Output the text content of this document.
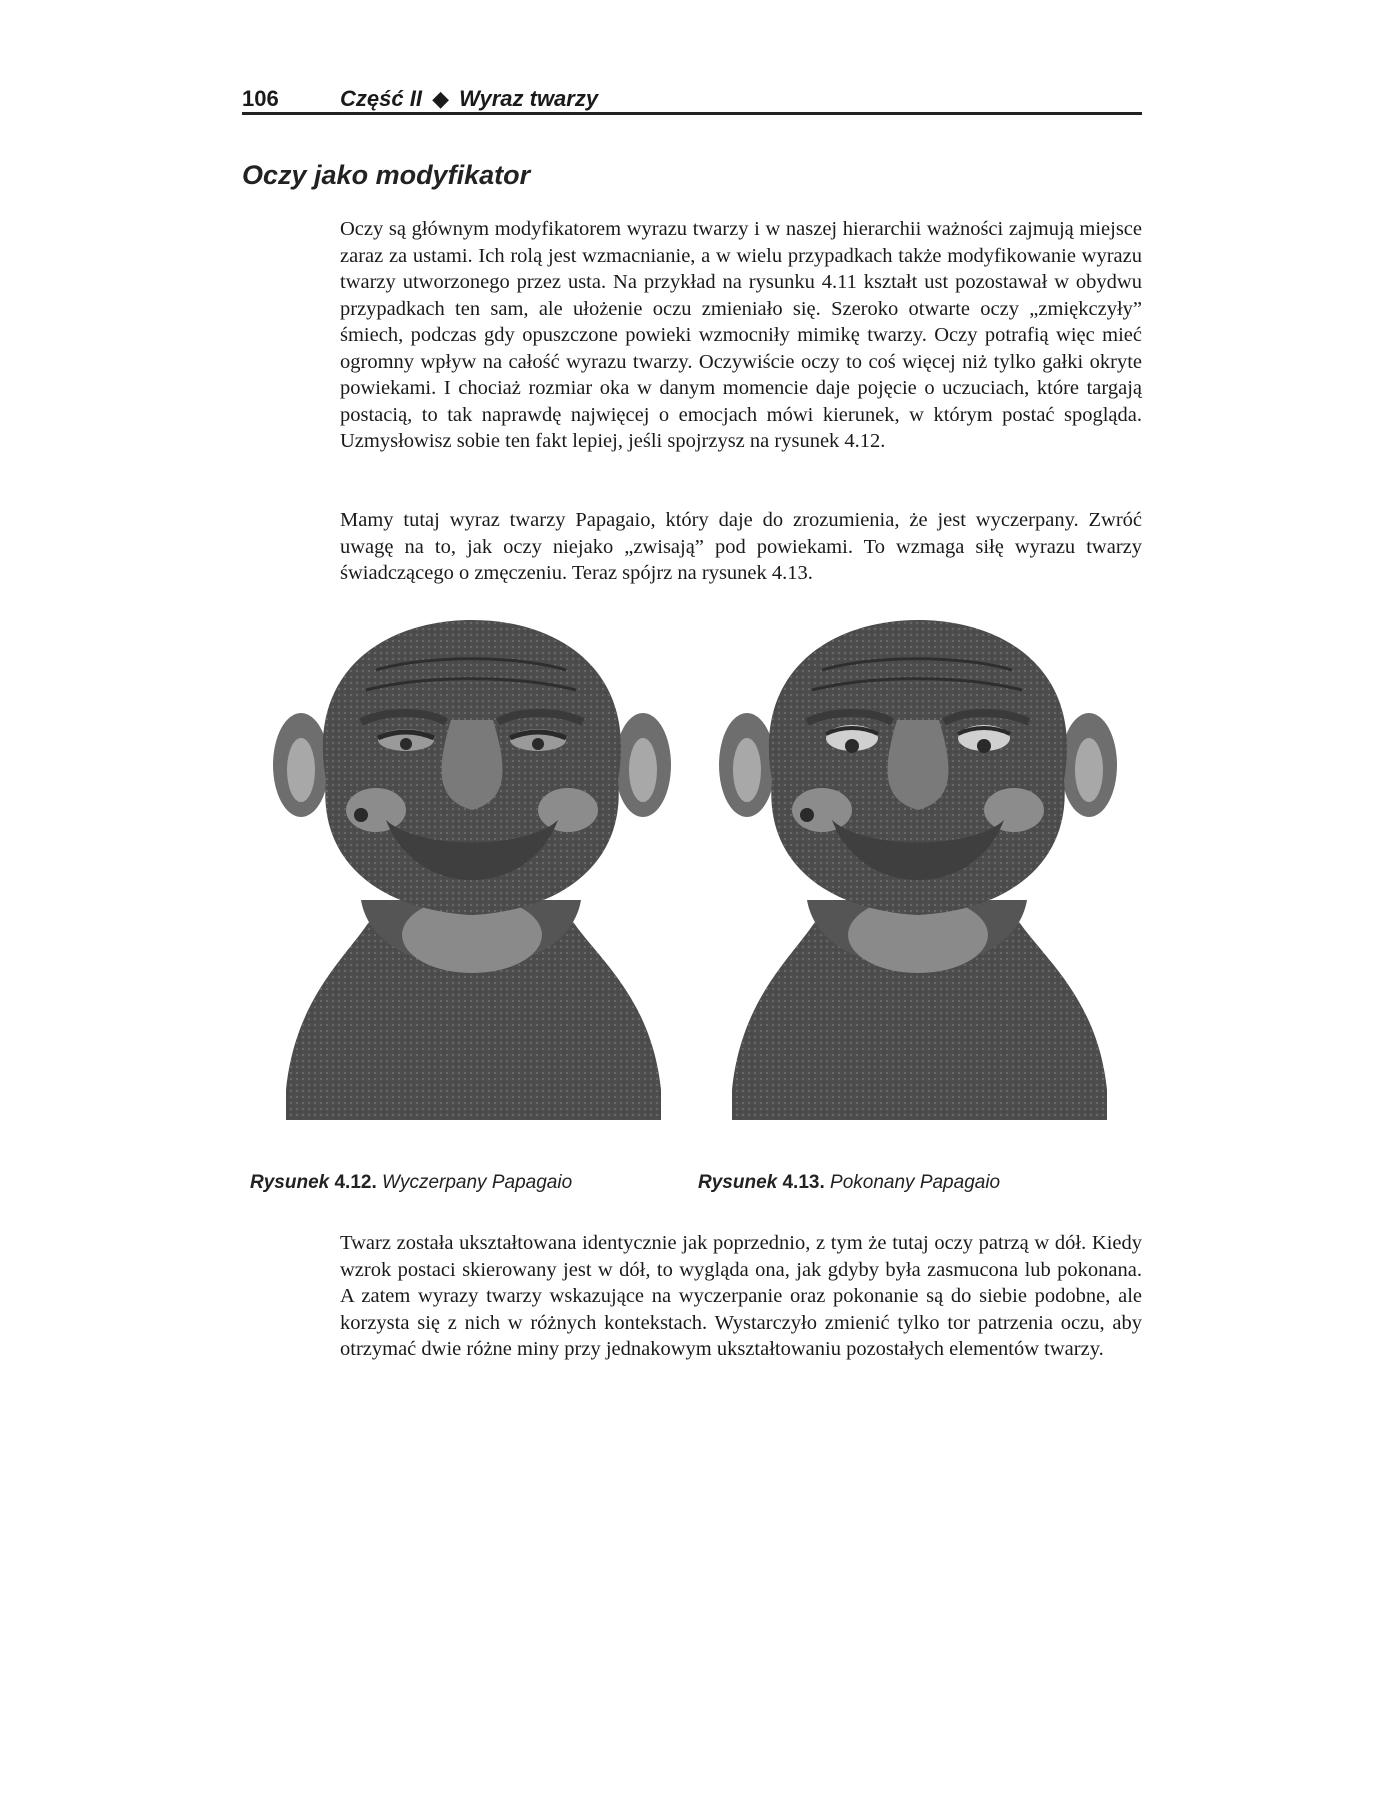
106	Część II ◆ Wyraz twarzy
Oczy jako modyfikator

Oczy są głównym modyfikatorem wyrazu twarzy i w naszej hierarchii ważności zajmują miejsce zaraz za ustami. Ich rolą jest wzmacnianie, a w wielu przypadkach także modyfikowanie wyrazu twarzy utworzonego przez usta. Na przykład na rysunku 4.11 kształt ust pozostawał w obydwu przypadkach ten sam, ale ułożenie oczu zmieniało się. Szeroko otwarte oczy „zmiękczyły” śmiech, podczas gdy opuszczone powieki wzmocniły mimikę twarzy. Oczy potrafią więc mieć ogromny wpływ na całość wyrazu twarzy. Oczywiście oczy to coś więcej niż tylko gałki okryte powiekami. I chociaż rozmiar oka w danym momencie daje pojęcie o uczuciach, które targają postacią, to tak naprawdę najwięcej o emocjach mówi kierunek, w którym postać spogląda. Uzmysłowisz sobie ten fakt lepiej, jeśli spojrzysz na rysunek 4.12.

Mamy tutaj wyraz twarzy Papagaio, który daje do zrozumienia, że jest wyczerpany. Zwróć uwagę na to, jak oczy niejako „zwisają” pod powiekami. To wzmaga siłę wyrazu twarzy świadczącego o zmęczeniu. Teraz spójrz na rysunek 4.13.

Rysunek 4.12. Wyczerpany Papagaio	Rysunek 4.13. Pokonany Papagaio

Twarz została ukształtowana identycznie jak poprzednio, z tym że tutaj oczy patrzą w dół. Kiedy wzrok postaci skierowany jest w dół, to wygląda ona, jak gdyby była zasmucona lub pokonana. A zatem wyrazy twarzy wskazujące na wyczerpanie oraz pokonanie są do siebie podobne, ale korzysta się z nich w różnych kontekstach. Wystarczyło zmienić tylko tor patrzenia oczu, aby otrzymać dwie różne miny przy jednakowym ukształtowaniu pozostałych elementów twarzy.
